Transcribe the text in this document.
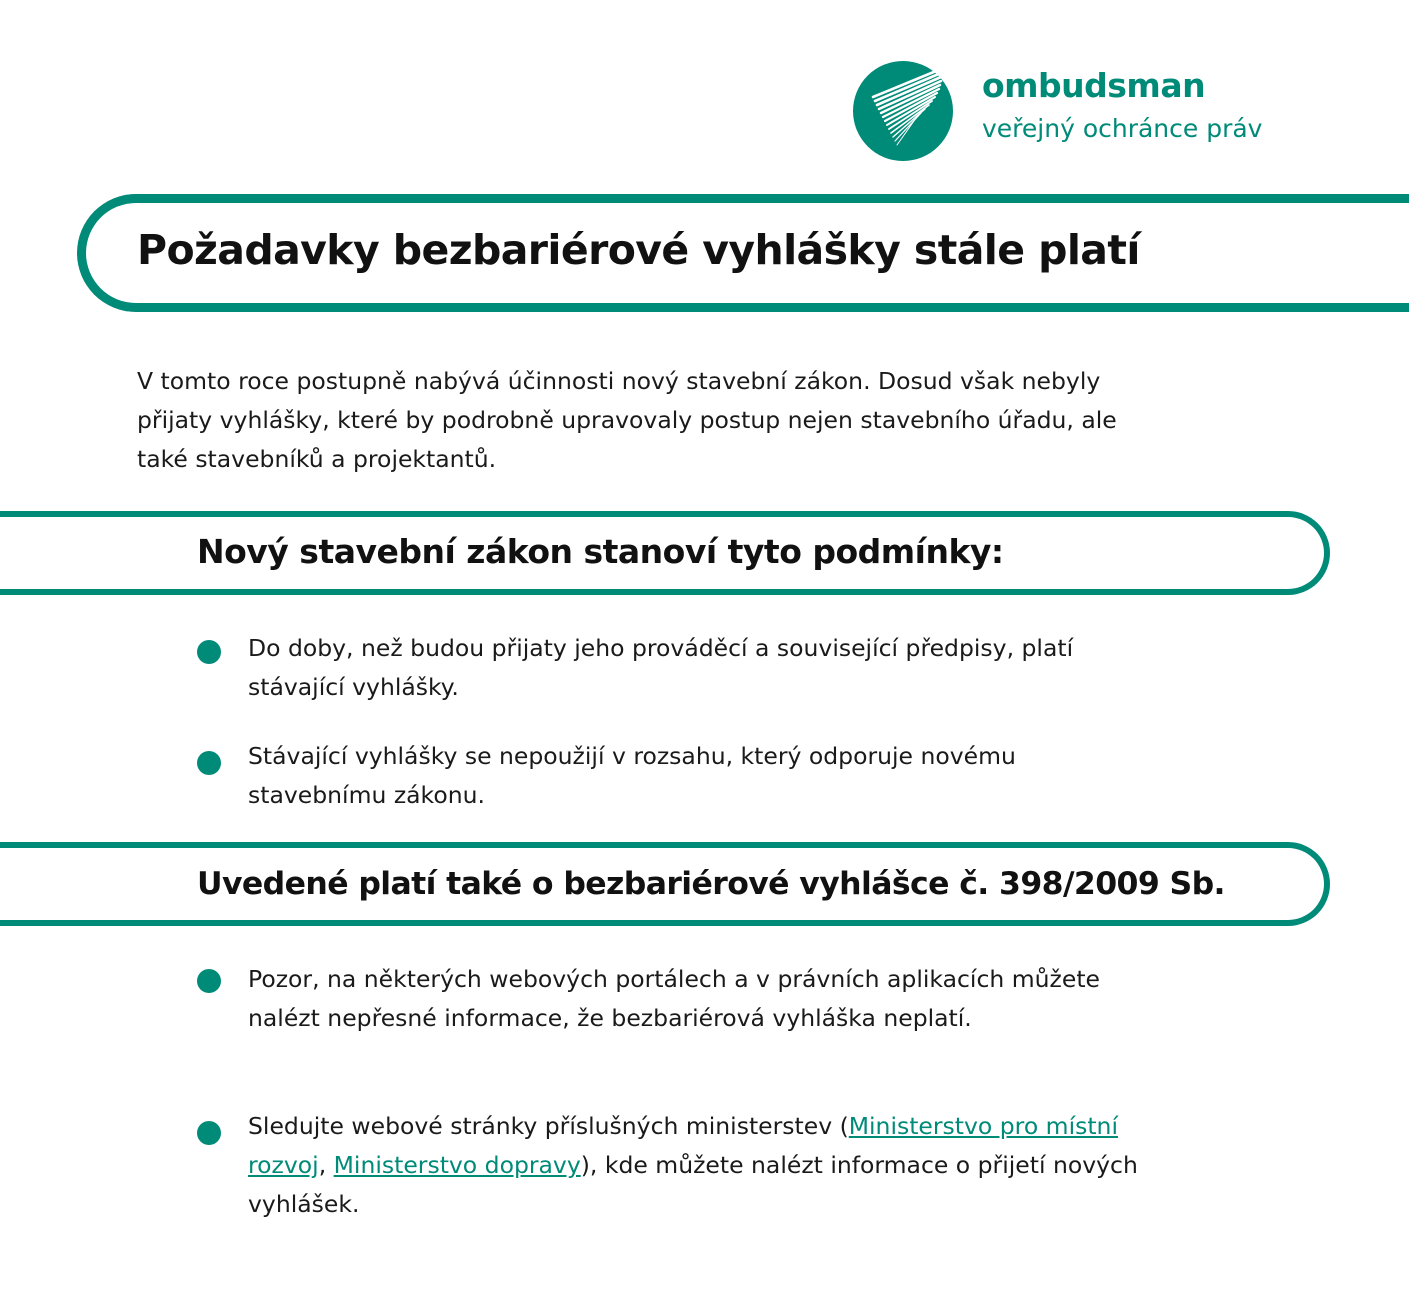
ombudsman
veřejný ochránce práv
Požadavky bezbariérové vyhlášky stále platí

V tomto roce postupně nabývá účinnosti nový stavební zákon. Dosud však nebyly přijaty vyhlášky, které by podrobně upravovaly postup nejen stavebního úřadu, ale také stavebníků a projektantů.

Nový stavební zákon stanoví tyto podmínky:

Do doby, než budou přijaty jeho prováděcí a související předpisy, platí stávající vyhlášky.

Stávající vyhlášky se nepoužijí v rozsahu, který odporuje novému stavebnímu zákonu.

Uvedené platí také o bezbariérové vyhlášce č. 398/2009 Sb.

Pozor, na některých webových portálech a v právních aplikacích můžete nalézt nepřesné informace, že bezbariérová vyhláška neplatí.

Sledujte webové stránky příslušných ministerstev (Ministerstvo pro místní rozvoj, Ministerstvo dopravy), kde můžete nalézt informace o přijetí nových vyhlášek.
